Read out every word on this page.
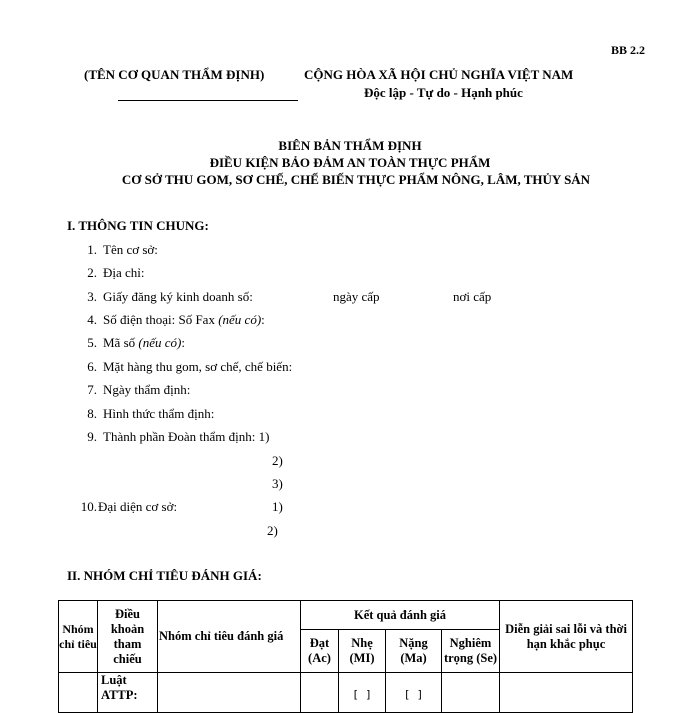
BB 2.2
(TÊN CƠ QUAN THẨM ĐỊNH)	CỘNG HÒA XÃ HỘI CHỦ NGHĨA VIỆT NAM
Độc lập - Tự do - Hạnh phúc
BIÊN BẢN THẨM ĐỊNH
ĐIỀU KIỆN BẢO ĐẢM AN TOÀN THỰC PHẨM
CƠ SỞ THU GOM, SƠ CHẾ, CHẾ BIẾN THỰC PHẨM NÔNG, LÂM, THỦY SẢN
I. THÔNG TIN CHUNG:
1. Tên cơ sở:
2. Địa chỉ:
3. Giấy đăng ký kinh doanh số:	ngày cấp	nơi cấp
4. Số điện thoại: Số Fax (nếu có):
5. Mã số (nếu có):
6. Mặt hàng thu gom, sơ chế, chế biến:
7. Ngày thẩm định:
8. Hình thức thẩm định:
9. Thành phần Đoàn thẩm định: 1)
2)
3)
10.Đại diện cơ sở:	1)
2)
II. NHÓM CHỈ TIÊU ĐÁNH GIÁ:
Nhóm chỉ tiêu	Điều khoản tham chiếu	Nhóm chỉ tiêu đánh giá	Kết quả đánh giá				Diễn giải sai lỗi và thời hạn khắc phục
			Đạt (Ac)	Nhẹ (MI)	Nặng (Ma)	Nghiêm trọng (Se)	
	Luật ATTP:			[ ]	[ ]		
